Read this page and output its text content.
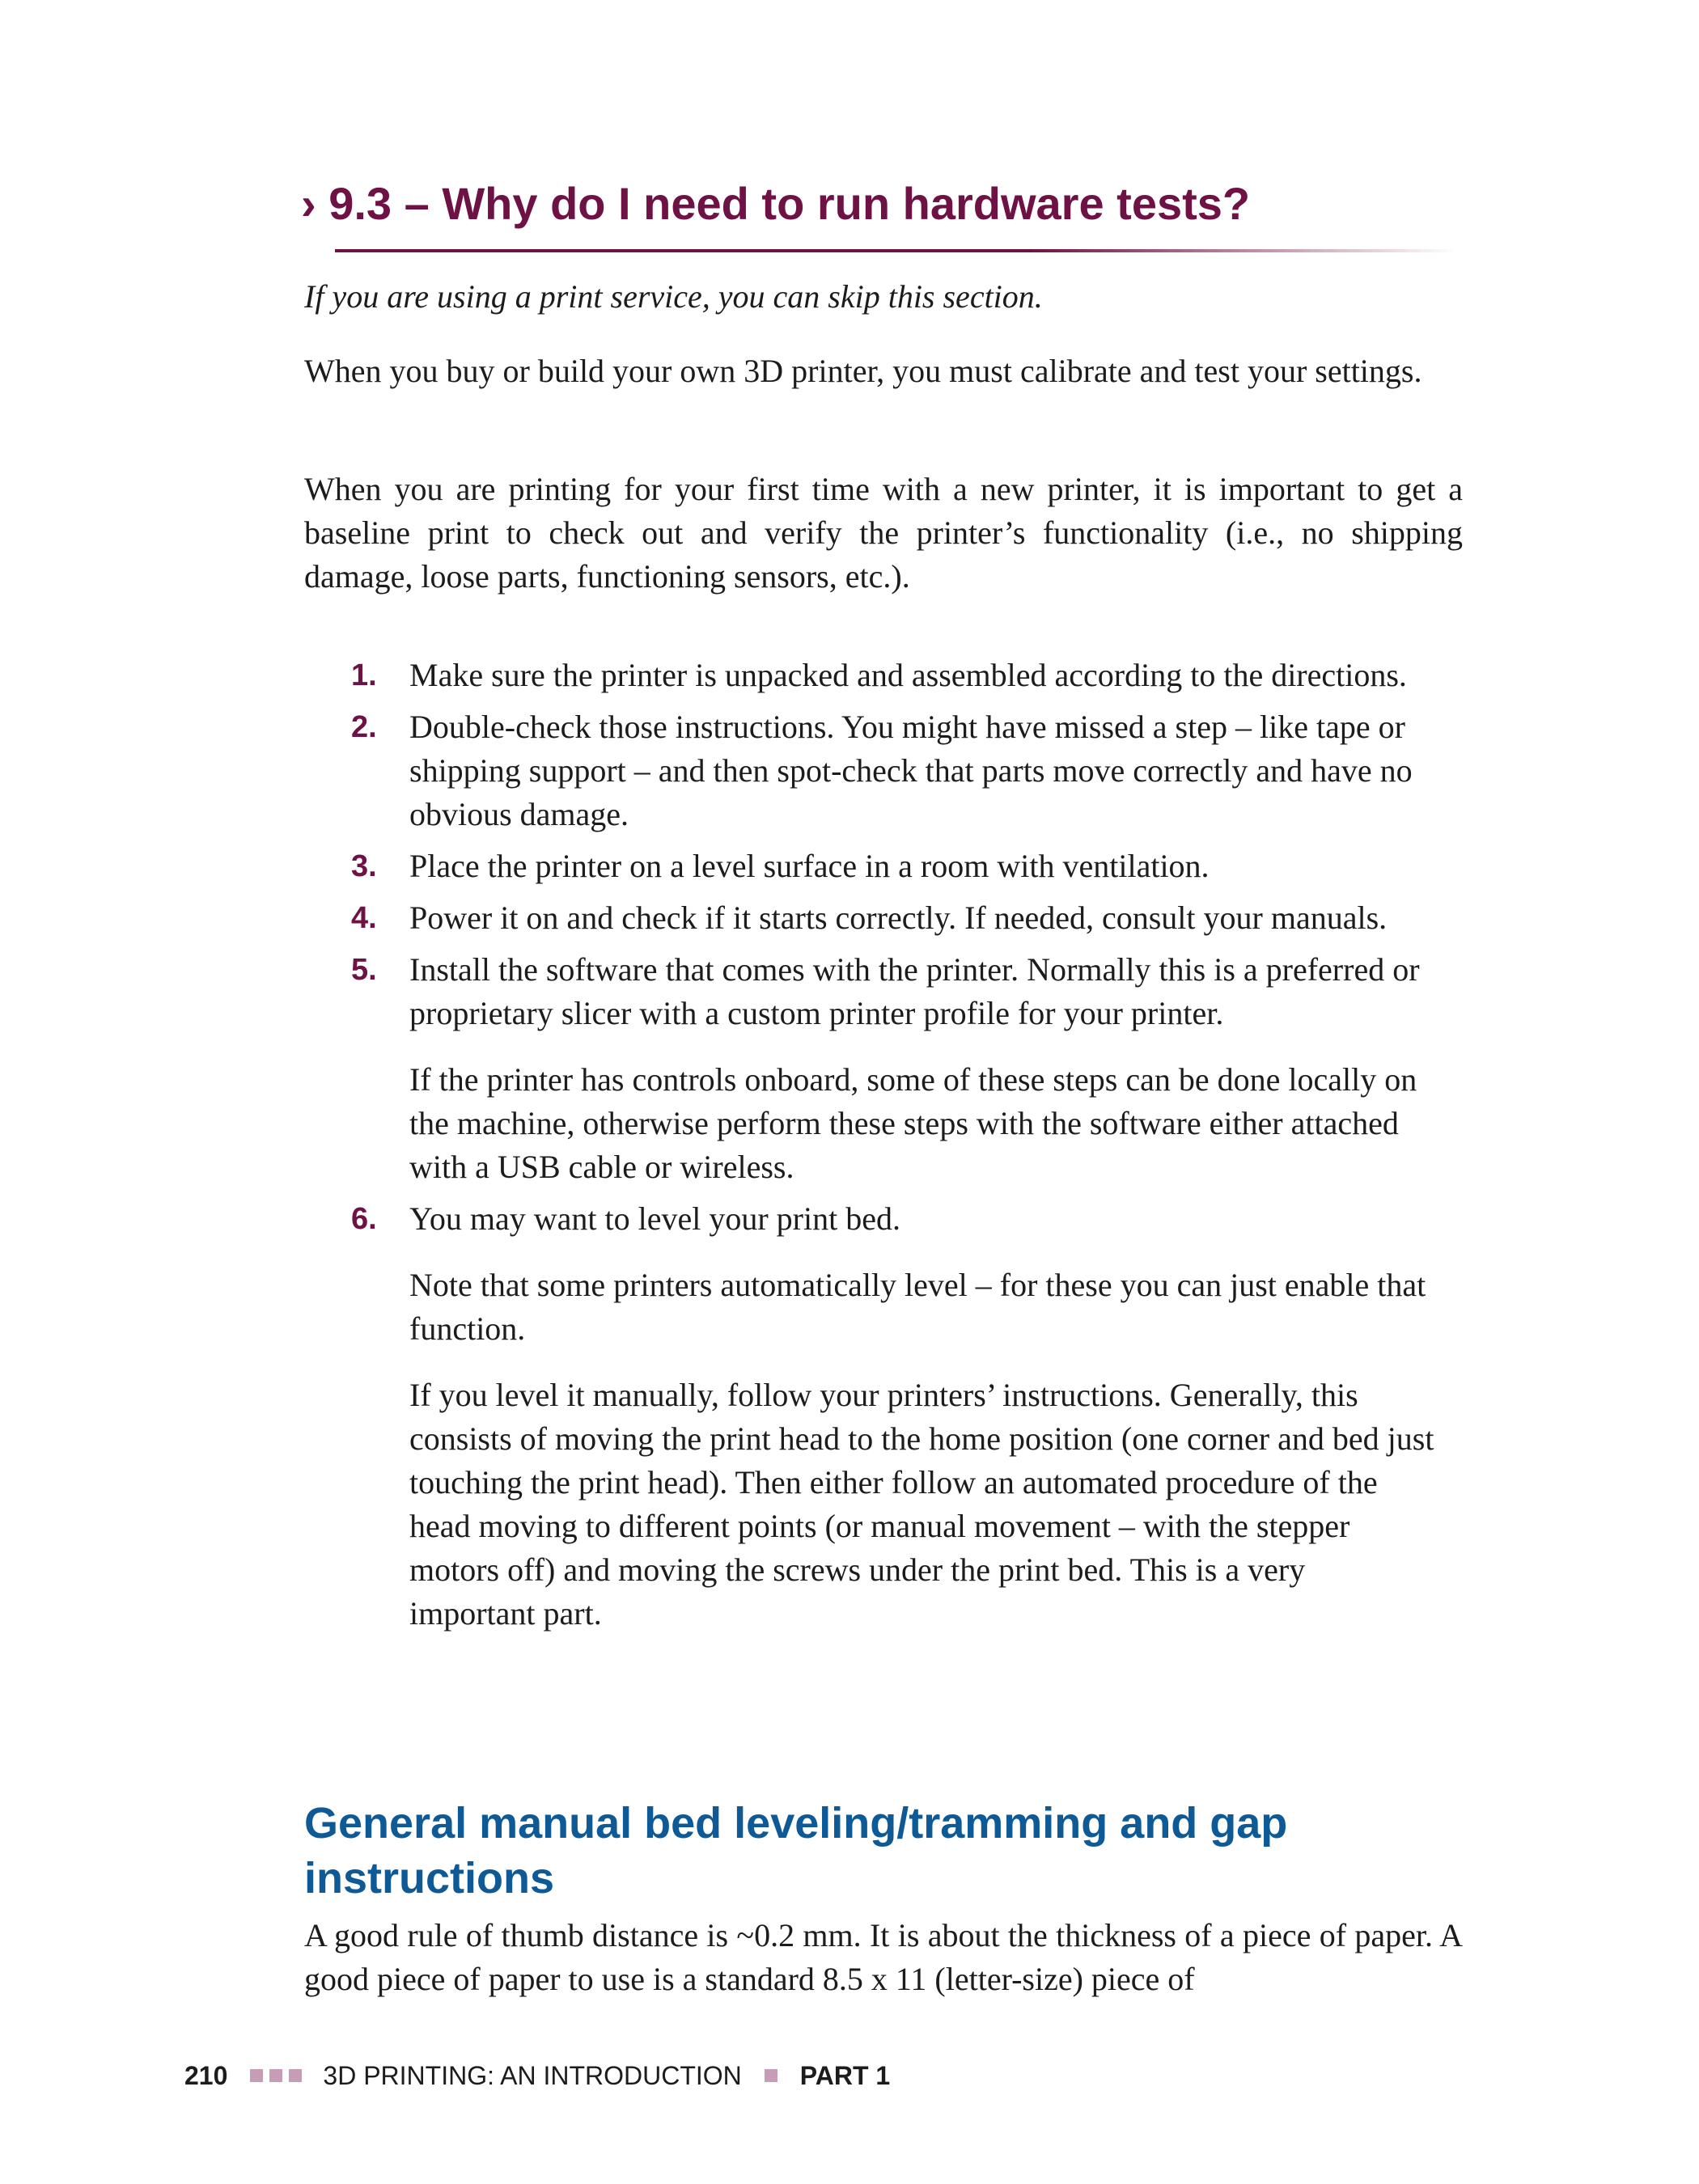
› 9.3 – Why do I need to run hardware tests?

If you are using a print service, you can skip this section.

When you buy or build your own 3D printer, you must calibrate and test your settings.

When you are printing for your first time with a new printer, it is important to get a baseline print to check out and verify the printer’s functionality (i.e., no shipping damage, loose parts, functioning sensors, etc.).

1. Make sure the printer is unpacked and assembled according to the directions.

2. Double-check those instructions. You might have missed a step – like tape or shipping support – and then spot-check that parts move correctly and have no obvious damage.

3. Place the printer on a level surface in a room with ventilation.

4. Power it on and check if it starts correctly. If needed, consult your manuals.

5. Install the software that comes with the printer. Normally this is a preferred or proprietary slicer with a custom printer profile for your printer.

If the printer has controls onboard, some of these steps can be done locally on the machine, otherwise perform these steps with the software either attached with a USB cable or wireless.

6. You may want to level your print bed.

Note that some printers automatically level – for these you can just enable that function.

If you level it manually, follow your printers’ instructions. Generally, this consists of moving the print head to the home position (one corner and bed just touching the print head). Then either follow an automated procedure of the head moving to different points (or manual movement – with the stepper motors off) and moving the screws under the print bed. This is a very important part.

General manual bed leveling/tramming and gap instructions

A good rule of thumb distance is ~0.2 mm. It is about the thickness of a piece of paper. A good piece of paper to use is a standard 8.5 x 11 (letter-size) piece of

210	3D PRINTING: AN INTRODUCTION PART 1
